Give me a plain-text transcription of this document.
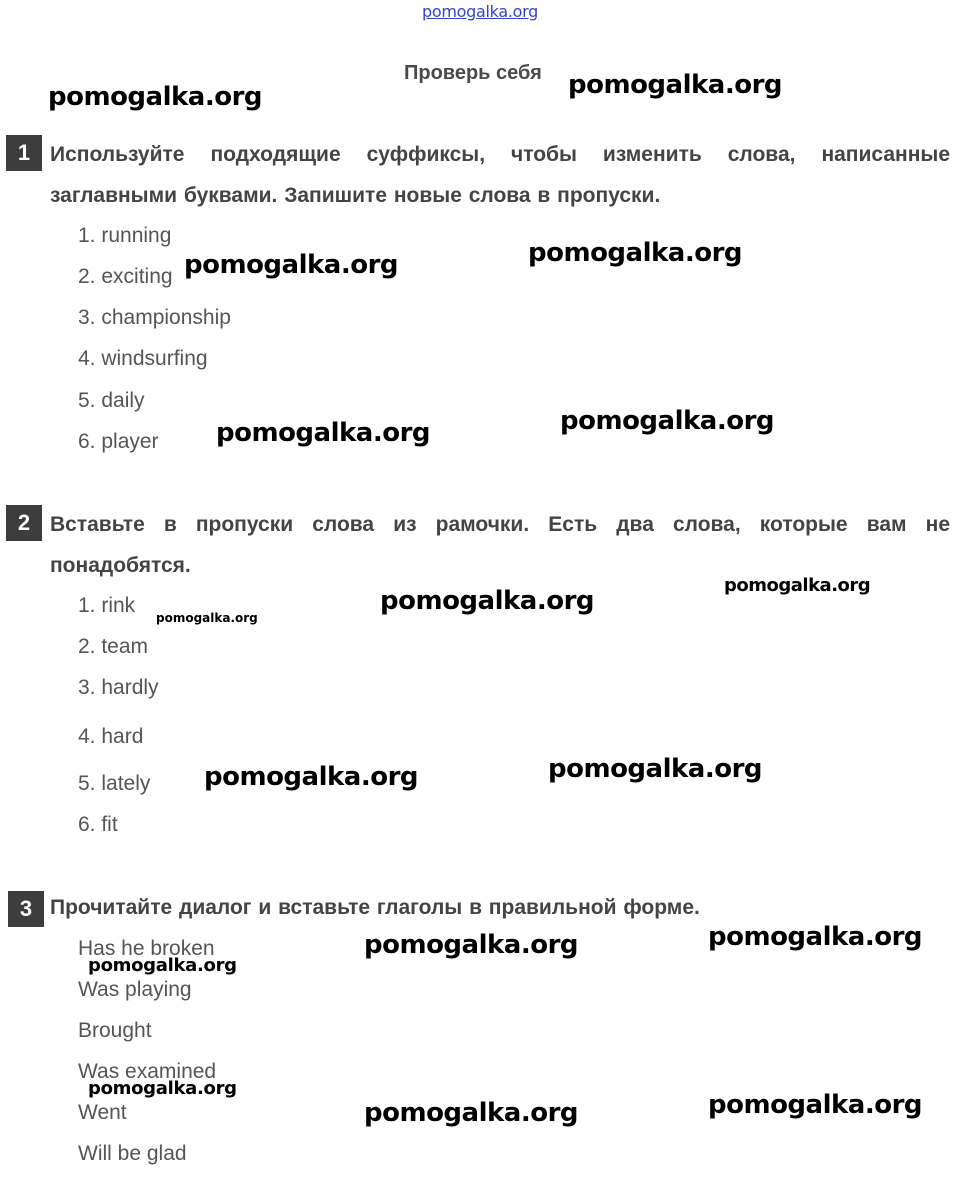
pomogalka.org
Проверь себя
1 Используйте подходящие суффиксы, чтобы изменить слова, написанные заглавными буквами. Запишите новые слова в пропуски.
1. running
2. exciting
3. championship
4. windsurfing
5. daily
6. player
2 Вставьте в пропуски слова из рамочки. Есть два слова, которые вам не понадобятся.
1. rink
2. team
3. hardly
4. hard
5. lately
6. fit
3 Прочитайте диалог и вставьте глаголы в правильной форме.
Has he broken
Was playing
Brought
Was examined
Went
Will be glad
pomogalka.org	pomogalka.org
pomogalka.org	pomogalka.org
pomogalka.org	pomogalka.org
pomogalka.org
pomogalka.org
pomogalka.org
pomogalka.org	pomogalka.org
pomogalka.org	pomogalka.org
pomogalka.org
pomogalka.org
pomogalka.org	pomogalka.org
